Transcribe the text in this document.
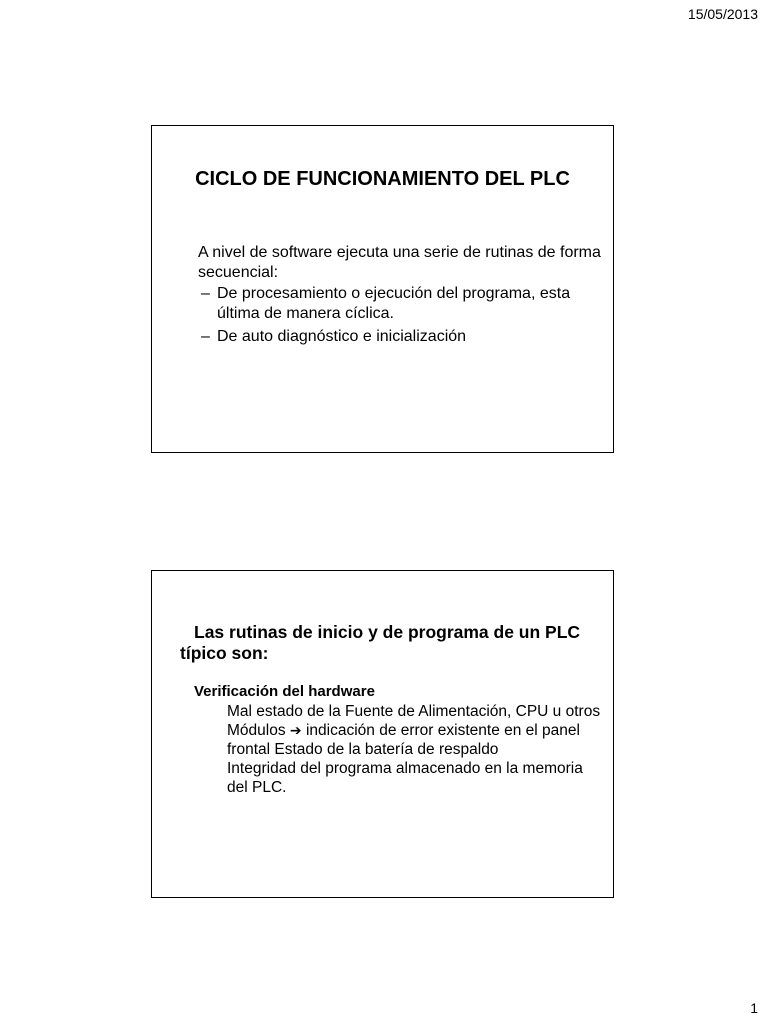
15/05/2013
CICLO DE FUNCIONAMIENTO DEL PLC
A nivel de software ejecuta una serie de rutinas de forma secuencial:
– De procesamiento o ejecución del programa, esta última de manera cíclica.
– De auto diagnóstico e inicialización
Las rutinas de inicio y de programa de un PLC típico son:
Verificación del hardware

Mal estado de la Fuente de Alimentación, CPU u otros Módulos ➔ indicación de error existente en el panel frontal Estado de la batería de respaldo

Integridad del programa almacenado en la memoria del PLC.

1
